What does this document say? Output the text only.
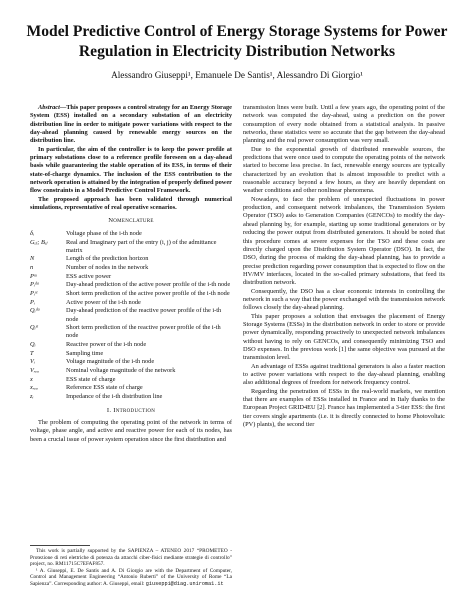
Model Predictive Control of Energy Storage Systems for Power Regulation in Electricity Distribution Networks
Alessandro Giuseppi¹, Emanuele De Santis¹, Alessandro Di Giorgio¹

Abstract—This paper proposes a control strategy for an Energy Storage System (ESS) installed on a secondary substation of an electricity distribution line in order to mitigate power variations with respect to the day-ahead planning caused by renewable energy sources on the distribution line.

In particular, the aim of the controller is to keep the power profile at primary substations close to a reference profile foreseen on a day-ahead basis while guaranteeing the stable operation of its ESS, in terms of their state-of-charge dynamics. The inclusion of the ESS contribution to the network operation is attained by the integration of properly defined power flow constraints in a Model Predictive Control Framework.

The proposed approach has been validated through numerical simulations, representative of real operative scenarios.

Nomenclature
δᵢ	Voltage phase of the i-th node
Gᵢⱼ; Bᵢⱼ	Real and Imaginary part of the entry (i, j) of the admittance matrix
N	Length of the prediction horizon
n	Number of nodes in the network
Pˢˢ	ESS active power
Pᵢᵈᵃ	Day-ahead prediction of the active power profile of the i-th node
Pᵢˢᵗ	Short term prediction of the active power profile of the i-th node
Pᵢ	Active power of the i-th node
Qᵢᵈᵃ	Day-ahead prediction of the reactive power profile of the i-th node
Qᵢˢᵗ	Short term prediction of the reactive power profile of the i-th node
Qᵢ	Reactive power of the i-th node
T	Sampling time
Vᵢ	Voltage magnitude of the i-th node
Vᵣₑₒ	Nominal voltage magnitude of the network
x	ESS state of charge
xᵣₑₒ	Reference ESS state of charge
zᵢ	Impedance of the i-th distribution line
I. Introduction

The problem of computing the operating point of the network in terms of voltage, phase angle, and active and reactive power for each of its nodes, has been a crucial issue of power system operation since the first distribution and

This work is partially supported by the SAPIENZA – ATENEO 2017 “PROMETEO - Protezione di reti elettriche di potenza da attacchi ciber-fisici mediante strategie di controllo” project, no. RM11715C7EFAF857.

¹ A. Giuseppi, E. De Santis and A. Di Giorgio are with the Department of Computer, Control and Management Engineering “Antonio Ruberti” of the University of Rome “La Sapienza”. Corresponding author: A. Giuseppi, email: giuseppi@diag.uniroma1.it

transmission lines were built. Until a few years ago, the operating point of the network was computed the day-ahead, using a prediction on the power consumption of every node obtained from a statistical analysis. In passive networks, these statistics were so accurate that the gap between the day-ahead planning and the real power consumption was very small.

Due to the exponential growth of distributed renewable sources, the predictions that were once used to compute the operating points of the network started to become less precise. In fact, renewable energy sources are typically characterized by an evolution that is almost impossible to predict with a reasonable accuracy beyond a few hours, as they are heavily dependant on weather conditions and other nonlinear phenomena.

Nowadays, to face the problem of unexpected fluctuations in power production, and consequent network imbalances, the Transmission System Operator (TSO) asks to Generation Companies (GENCOs) to modify the day-ahead planning by, for example, starting up some traditional generators or by reducing the power output from distributed generators. It should be noted that this procedure comes at severe expenses for the TSO and these costs are directly charged upon the Distribution System Operator (DSO). In fact, the DSO, during the process of making the day-ahead planning, has to provide a precise prediction regarding power consumption that is expected to flow on the HV/MV interfaces, located in the so-called primary substations, that feed its distribution network.

Consequently, the DSO has a clear economic interests in controlling the network in such a way that the power exchanged with the transmission network follows closely the day-ahead planning.

This paper proposes a solution that envisages the placement of Energy Storage Systems (ESSs) in the distribution network in order to store or provide power dynamically, responding proactively to unexpected network imbalances without having to rely on GENCOs, and consequently minimizing TSO and DSO expenses. In the previous work [1] the same objective was pursued at the transmission level.

An advantage of ESSs against traditional generators is also a faster reaction to active power variations with respect to the day-ahead planning, enabling also additional degrees of freedom for network frequency control.

Regarding the penetration of ESSs in the real-world markets, we mention that there are examples of ESSs installed in France and in Italy thanks to the European Project GRID4EU [2]. France has implemented a 3-tier ESS: the first tier covers single apartments (i.e. it is directly connected to home Photovoltaic (PV) plants), the second tier
